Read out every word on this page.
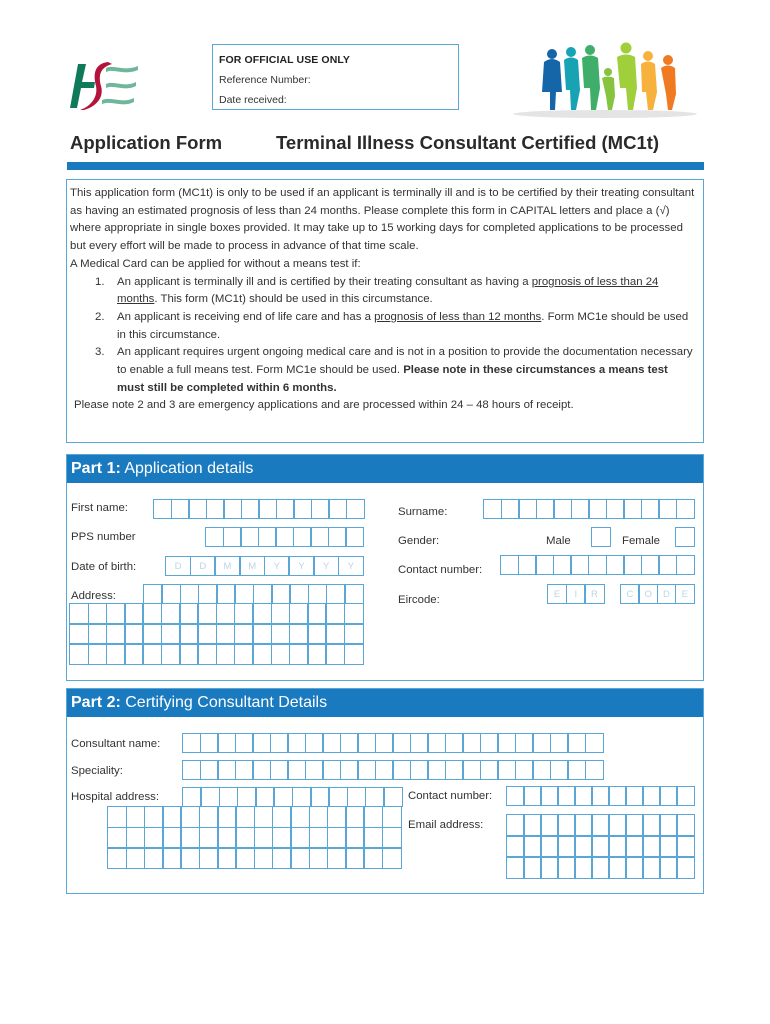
FOR OFFICIAL USE ONLY
Reference Number:
Date received:
Application Form	Terminal Illness Consultant Certified (MC1t)

This application form (MC1t) is only to be used if an applicant is terminally ill and is to be certified by their treating consultant as having an estimated prognosis of less than 24 months. Please complete this form in CAPITAL letters and place a (√) where appropriate in single boxes provided. It may take up to 15 working days for completed applications to be processed but every effort will be made to process in advance of that time scale.

A Medical Card can be applied for without a means test if:

1. An applicant is terminally ill and is certified by their treating consultant as having a prognosis of less than 24 months. This form (MC1t) should be used in this circumstance.
2. An applicant is receiving end of life care and has a prognosis of less than 12 months. Form MC1e should be used in this circumstance.
3. An applicant requires urgent ongoing medical care and is not in a position to provide the documentation necessary to enable a full means test. Form MC1e should be used. Please note in these circumstances a means test must still be completed within 6 months.

Please note 2 and 3 are emergency applications and are processed within 24 – 48 hours of receipt.

Part 1: Application details
First name:
PPS number
Date of birth:	D	D	M	M	Y	Y	Y	Y
Address:
Surname:
Gender:	Male	Female
Contact number:
Eircode:	E	I	R	C	O	D	E
Part 2: Certifying Consultant Details
Consultant name:
Speciality:
Hospital address:	Contact number:
Email address:
